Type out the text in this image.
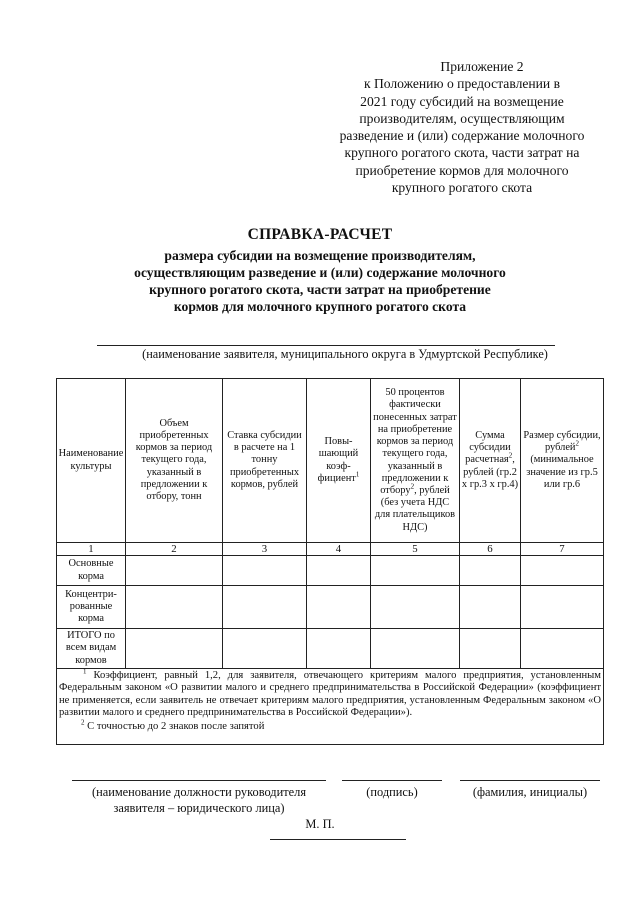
Приложение 2
к Положению о предоставлении в
2021 году субсидий на возмещение
производителям, осуществляющим
разведение и (или) содержание молочного
крупного рогатого скота, части затрат на
приобретение кормов для молочного
крупного рогатого скота
СПРАВКА-РАСЧЕТ
размера субсидии на возмещение производителям,
осуществляющим разведение и (или) содержание молочного
крупного рогатого скота, части затрат на приобретение
кормов для молочного крупного рогатого скота
(наименование заявителя, муниципального округа в Удмуртской Республике)
Наименование культуры	Объем приобретенных кормов за период текущего года, указанный в предложении к отбору, тонн	Ставка субсидии в расчете на 1 тонну приобретенных кормов, рублей	Повы-шающий коэф-фициент$^1$	50 процентов фактически понесенных затрат на приобретение кормов за период текущего года, указанный в предложении к отбору$^2$, рублей (без учета НДС для плательщиков НДС)	Сумма субсидии расчетная$^2$, рублей (гр.2 х гр.3 х гр.4)	Размер субсидии, рублей$^2$ (минимальное значение из гр.5 или гр.6
1	2	3	4	5	6	7
Основные корма						
Концентри-рованные корма						
ИТОГО по всем видам кормов						

$^1$ Коэффициент, равный 1,2, для заявителя, отвечающего критериям малого предприятия, установленным Федеральным законом «О развитии малого и среднего предпринимательства в Российской Федерации» (коэффициент не применяется, если заявитель не отвечает критериям малого предприятия, установленным Федеральным законом «О развитии малого и среднего предпринимательства в Российской Федерации»).
$^2$ С точностью до 2 знаков после запятой						
(наименование должности руководителя
заявителя – юридического лица)
(подпись)	(фамилия, инициалы)
М. П.
